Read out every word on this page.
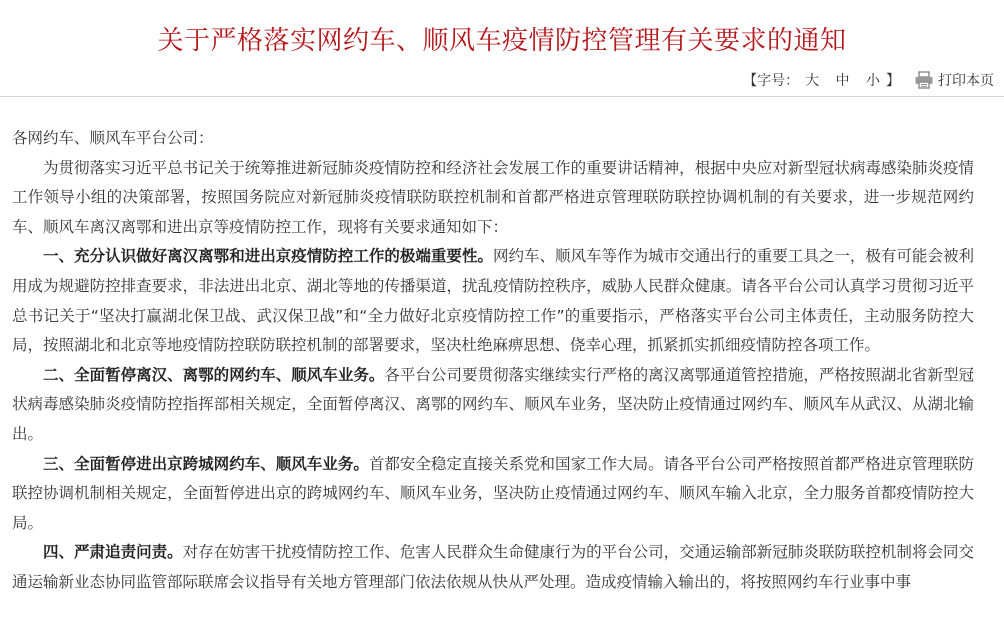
关于严格落实网约车、顺风车疫情防控管理有关要求的通知
【 字号： 大 中 小 】	打印本页

各网约车、顺风车平台公司：

为贯彻落实习近平总书记关于统筹推进新冠肺炎疫情防控和经济社会发展工作的重要讲话精神，根据中央应对新型冠状病毒感染肺炎疫情工作领导小组的决策部署，按照国务院应对新冠肺炎疫情联防联控机制和首都严格进京管理联防联控协调机制的有关要求，进一步规范网约车、顺风车离汉离鄂和进出京等疫情防控工作，现将有关要求通知如下：

一、充分认识做好离汉离鄂和进出京疫情防控工作的极端重要性。网约车、顺风车等作为城市交通出行的重要工具之一，极有可能会被利用成为规避防控排查要求，非法进出北京、湖北等地的传播渠道，扰乱疫情防控秩序，威胁人民群众健康。请各平台公司认真学习贯彻习近平总书记关于“坚决打赢湖北保卫战、武汉保卫战”和“全力做好北京疫情防控工作”的重要指示，严格落实平台公司主体责任，主动服务防控大局，按照湖北和北京等地疫情防控联防联控机制的部署要求，坚决杜绝麻痹思想、侥幸心理，抓紧抓实抓细疫情防控各项工作。

二、全面暂停离汉、离鄂的网约车、顺风车业务。各平台公司要贯彻落实继续实行严格的离汉离鄂通道管控措施，严格按照湖北省新型冠状病毒感染肺炎疫情防控指挥部相关规定，全面暂停离汉、离鄂的网约车、顺风车业务，坚决防止疫情通过网约车、顺风车从武汉、从湖北输出。

三、全面暂停进出京跨城网约车、顺风车业务。首都安全稳定直接关系党和国家工作大局。请各平台公司严格按照首都严格进京管理联防联控协调机制相关规定，全面暂停进出京的跨城网约车、顺风车业务，坚决防止疫情通过网约车、顺风车输入北京，全力服务首都疫情防控大局。

四、严肃追责问责。对存在妨害干扰疫情防控工作、危害人民群众生命健康行为的平台公司，交通运输部新冠肺炎联防联控机制将会同交通运输新业态协同监管部际联席会议指导有关地方管理部门依法依规从快从严处理。造成疫情输入输出的，将按照网约车行业事中事
